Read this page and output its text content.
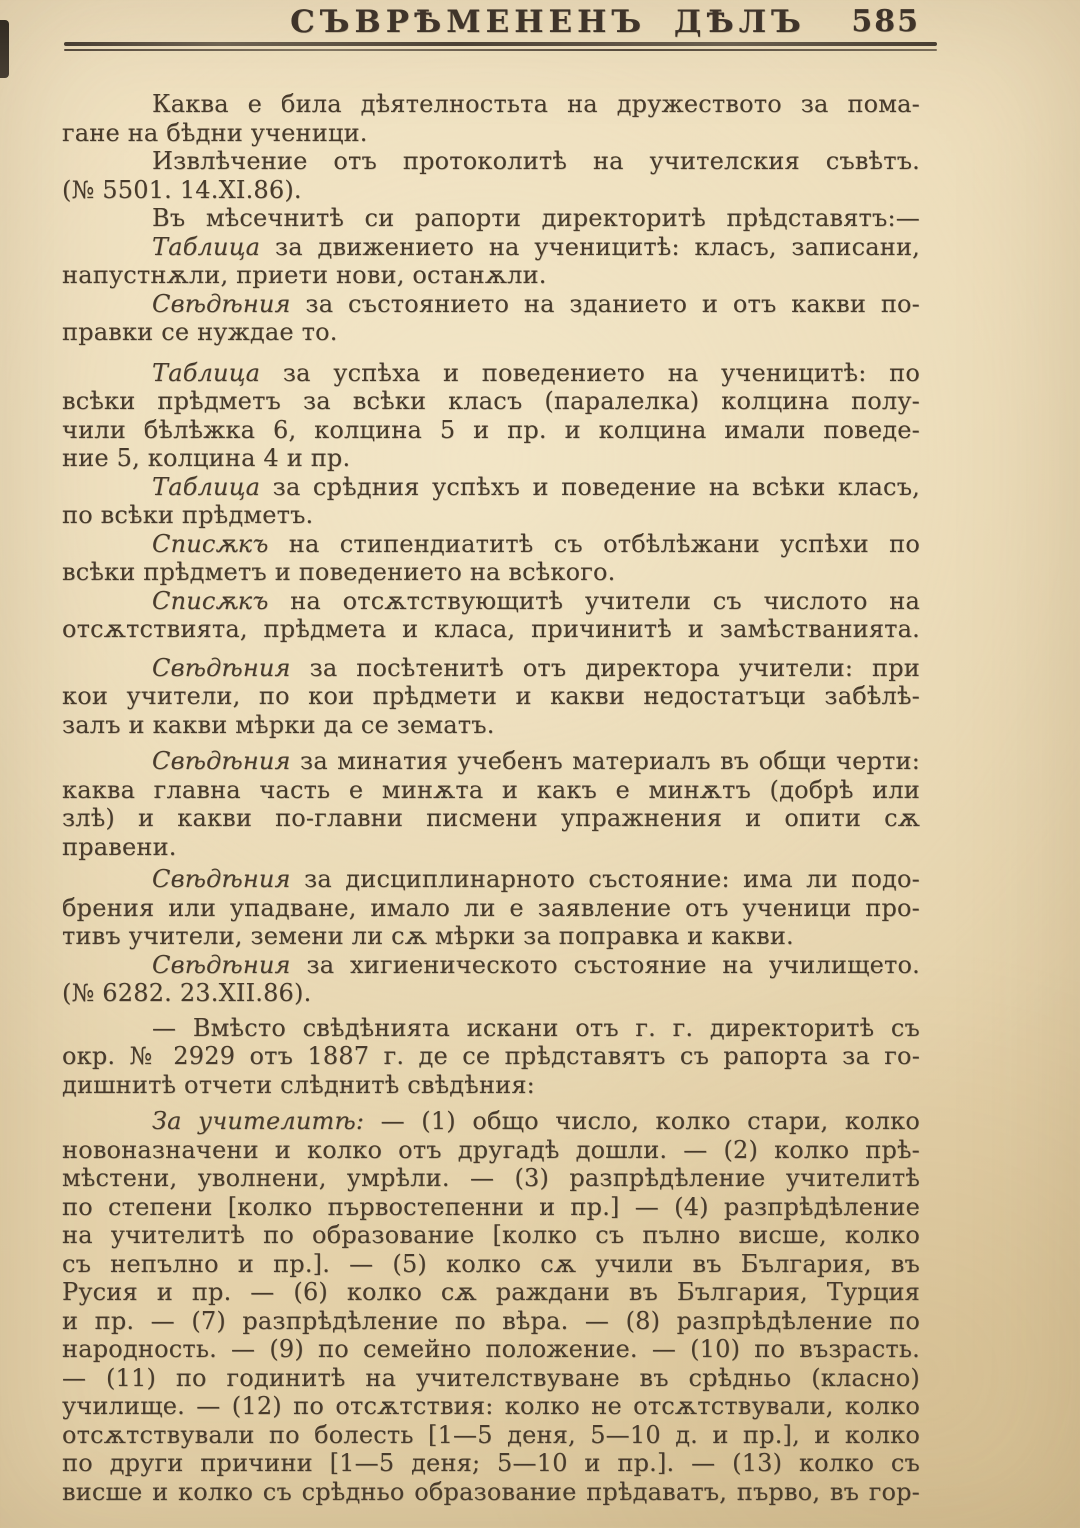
СЪВРѢМЕНЕНЪ ДѢЛЪ	585
Каква е била дѣятелностьта на дружеството за пома-
гане на бѣдни ученици.
Извлѣчение отъ протоколитѣ на учителския съвѣтъ.
(№ 5501. 14.XI.86).
Въ мѣсечнитѣ си рапорти директоритѣ прѣдставятъ:—
Таблица за движението на ученицитѣ: класъ, записани,
напустнѫли, приети нови, останѫли.
Свѣдѣния за състоянието на зданието и отъ какви по-
правки се нуждае то.
Таблица за успѣха и поведението на ученицитѣ: по
всѣки прѣдметъ за всѣки класъ (паралелка) колцина полу-
чили бѣлѣжка 6, колцина 5 и пр. и колцина имали поведе-
ние 5, колцина 4 и пр.
Таблица за срѣдния успѣхъ и поведение на всѣки класъ,
по всѣки прѣдметъ.
Списѫкъ на стипендиатитѣ съ отбѣлѣжани успѣхи по
всѣки прѣдметъ и поведението на всѣкого.
Списѫкъ на отсѫтствующитѣ учители съ числото на
отсѫтствията, прѣдмета и класа, причинитѣ и замѣстванията.
Свѣдѣния за посѣтенитѣ отъ директора учители: при
кои учители, по кои прѣдмети и какви недостатъци забѣлѣ-
залъ и какви мѣрки да се зематъ.
Свѣдѣния за минатия учебенъ материалъ въ общи черти:
каква главна часть е минѫта и какъ е минѫтъ (добрѣ или
злѣ) и какви по-главни писмени упражнения и опити сѫ правени.
Свѣдѣния за дисциплинарното състояние: има ли подо-
брения или упадване, имало ли е заявление отъ ученици про-
тивъ учители, земени ли сѫ мѣрки за поправка и какви.
Свѣдѣния за хигиеническото състояние на училището.
(№ 6282. 23.XII.86).
— Вмѣсто свѣдѣнията искани отъ г. г. директоритѣ съ
окр. № 2929 отъ 1887 г. де се прѣдставятъ съ рапорта за го-
дишнитѣ отчети слѣднитѣ свѣдѣния:
За учителитѣ: — (1) общо число, колко стари, колко
новоназначени и колко отъ другадѣ дошли. — (2) колко прѣ-
мѣстени, уволнени, умрѣли. — (3) разпрѣдѣление учителитѣ
по степени [колко първостепенни и пр.] — (4) разпрѣдѣление
на учителитѣ по образование [колко съ пълно висше, колко
съ непълно и пр.]. — (5) колко сѫ учили въ България, въ
Русия и пр. — (6) колко сѫ раждани въ България, Турция
и пр. — (7) разпрѣдѣление по вѣра. — (8) разпрѣдѣление по
народность. — (9) по семейно положение. — (10) по възрасть.
— (11) по годинитѣ на учителствуване въ срѣдньо (класно)
училище. — (12) по отсѫтствия: колко не отсѫтствували, колко
отсѫтствували по болесть [1—5 деня, 5—10 д. и пр.], и колко
по други причини [1—5 деня; 5—10 и пр.]. — (13) колко съ
висше и колко съ срѣдньо образование прѣдаватъ, първо, въ гор-
